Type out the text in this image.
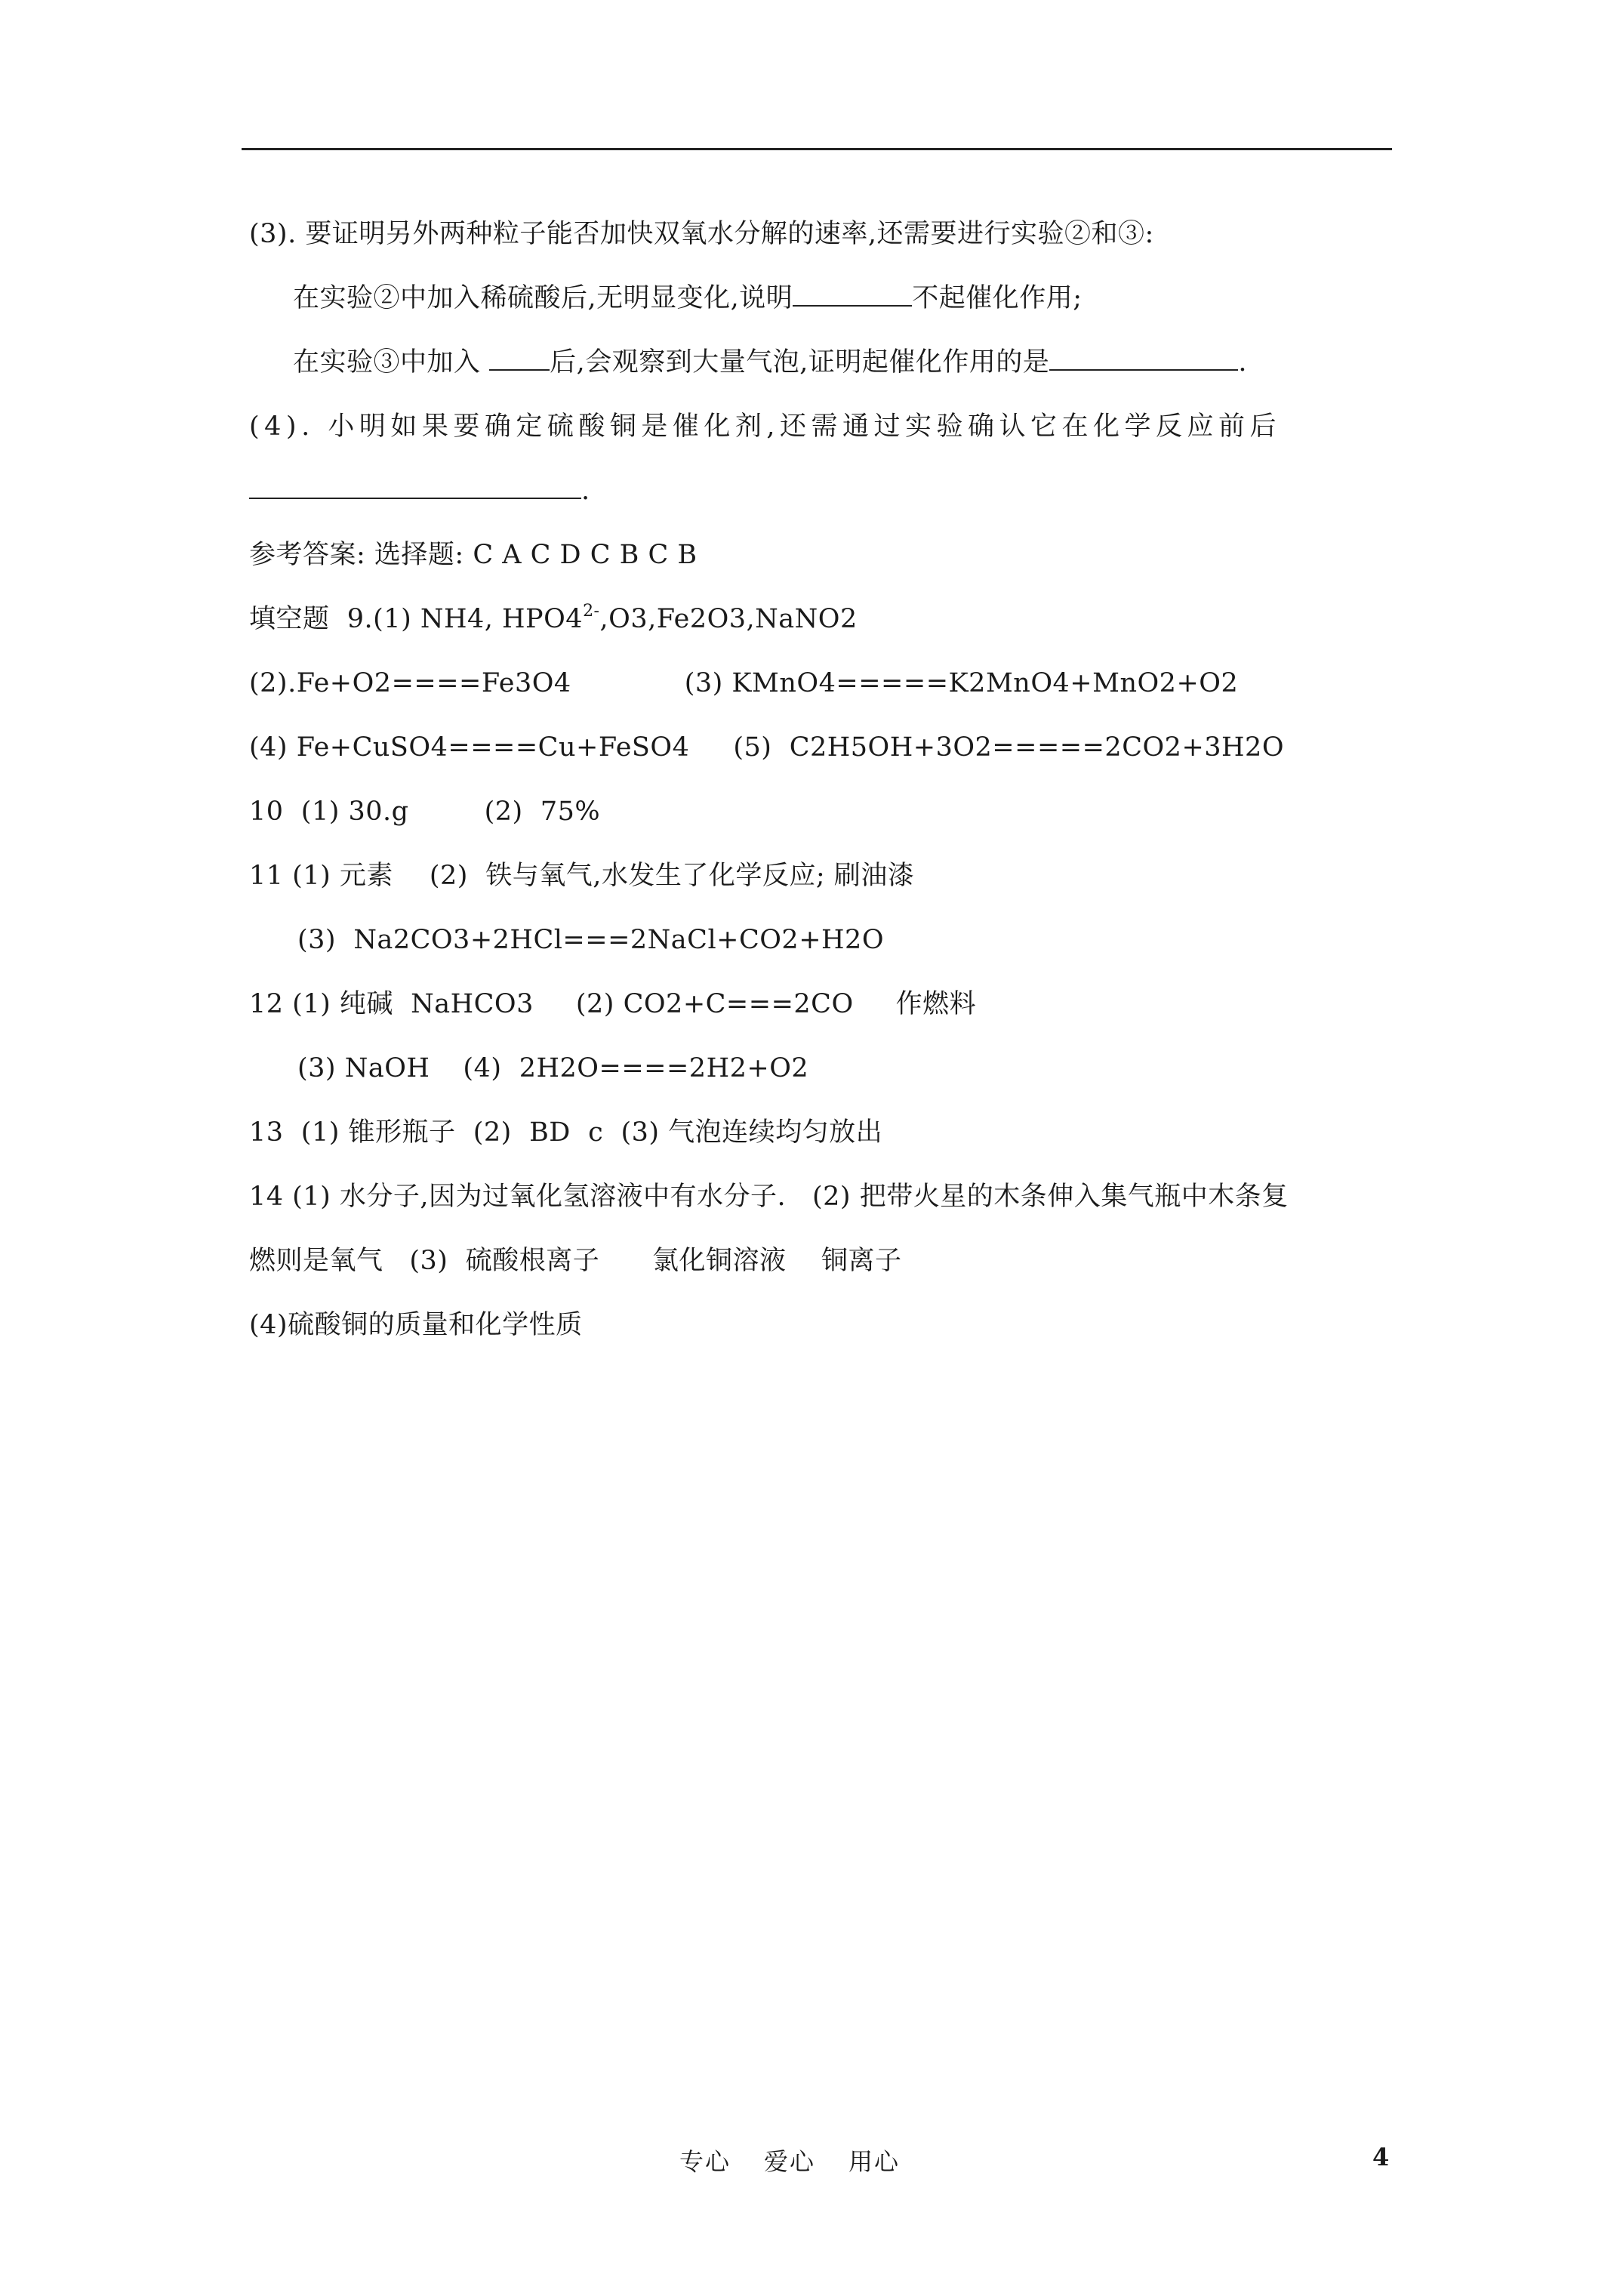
(3). 要证明另外两种粒子能否加快双氧水分解的速率,还需要进行实验②和③:
在实验②中加入稀硫酸后,无明显变化,说明	不起催化作用;
在实验③中加入 后,会观察到大量气泡,证明起催化作用的是	.
(4). 小明如果要确定硫酸铜是催化剂,还需通过实验确认它在化学反应前后
.
参考答案: 选择题: C A C D C B C B
填空题  9.(1) NH4, $HPO4^{2-},O3,Fe2O3,NaNO2$
(2).Fe+O2====Fe3O4	(3) KMnO4=====K2MnO4+MnO2+O2
(4) Fe+CuSO4====Cu+FeSO4 (5)  C2H5OH+3O2=====2CO2+3H2O
10  (1) 30.g	(2)  75%
11 (1) 元素 (2)  铁与氧气,水发生了化学反应; 刷油漆
(3)  Na2CO3+2HCl===2NaCl+CO2+H2O
12 (1) 纯碱  NaHCO3 (2) CO2+C===2CO 作燃料
(3) NaOH (4)  2H2O====2H2+O2
13  (1) 锥形瓶子  (2)  BD  c  (3) 气泡连续均匀放出
14 (1) 水分子,因为过氧化氢溶液中有水分子.   (2) 把带火星的木条伸入集气瓶中木条复
燃则是氧气   (3)  硫酸根离子      氯化铜溶液    铜离子
(4)硫酸铜的质量和化学性质
专心 爱心 用心	4
